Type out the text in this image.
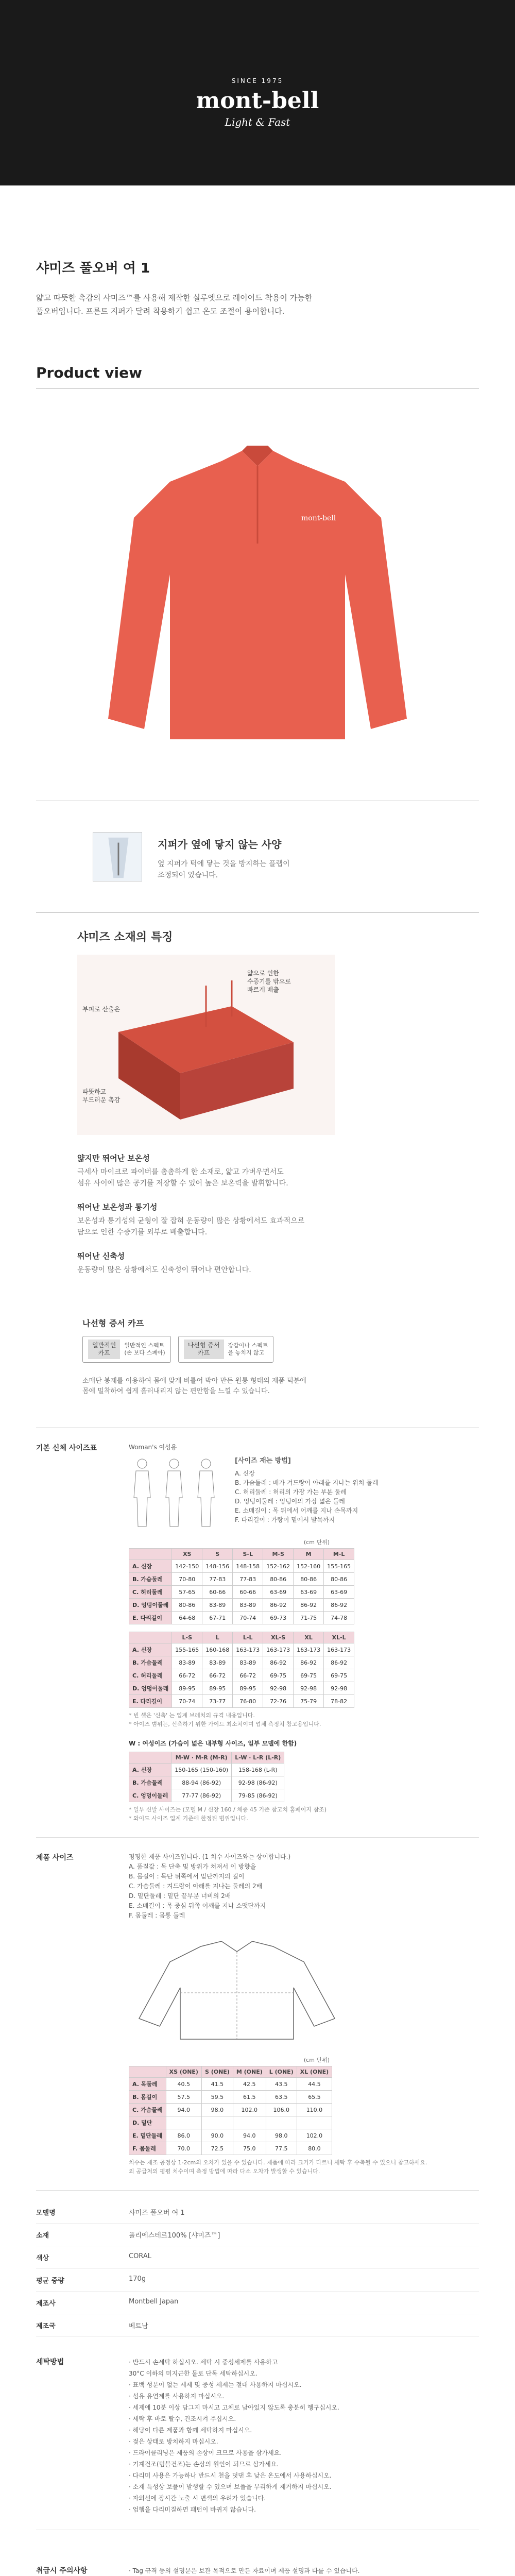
SINCE 1975
mont-bell
Light & Fast
샤미즈 풀오버 여 1
얇고 따뜻한 촉감의 샤미즈™를 사용해 제작한 실루엣으로 레이어드 착용이 가능한
풀오버입니다. 프론트 지퍼가 달려 착용하기 쉽고 온도 조절이 용이합니다.
Product view
mont-bell
지퍼가 옆에 닿지 않는 사양
옆 지퍼가 턱에 닿는 것을 방지하는 플랩이
조정되어 있습니다.
샤미즈 소재의 특징
얇으로 인한
수증기를 밖으로
빠르게 배출
부피로 산출은
따뜻하고
부드러운 촉감
얇지만 뛰어난 보온성
극세사 마이크로 파이버를 촘촘하게 한 소재로, 얇고 가벼우면서도
섬유 사이에 많은 공기를 저장할 수 있어 높은 보온력을 발휘합니다.
뛰어난 보온성과 통기성
보온성과 통기성의 균형이 잘 잡혀 운동량이 많은 상황에서도 효과적으로
땀으로 인한 수증기를 외부로 배출합니다.
뛰어난 신축성
운동량이 많은 상황에서도 신축성이 뛰어나 편안합니다.
나선형 증서 카프
일반적인
카프
일반적인 스펙트
(손 보다 스폐아)
나선형 증서
카프
장갑이나 스펙트
을 놓치지 않고
소매단 봉제를 이용하여 몸에 맞게 비틀어 박아 만든 원통 형태의 제품 덕분에
몸에 밀착하여 쉽게 흘러내리지 않는 편안함을 느낄 수 있습니다.
기본 신체 사이즈표	Woman's 여성용
[사이즈 재는 방법]
A. 신장
B. 가슴둘레 : 배가 겨드랑이 아래를 지나는 위치 둘레
C. 허리둘레 : 허리의 가장 가는 부분 둘레
D. 엉덩이둘레 : 엉덩이의 가장 넓은 둘레
E. 소매길이 : 목 뒤에서 어깨를 지나 손목까지
F. 다리길이 : 가랑이 밑에서 발목까지
(cm 단위)
	XS	S	S-L	M-S	M	M-L
A. 신장	142-150	148-156	148-158	152-162	152-160	155-165
B. 가슴둘레	70-80	77-83	77-83	80-86	80-86	80-86
C. 허리둘레	57-65	60-66	60-66	63-69	63-69	63-69
D. 엉덩이둘레	80-86	83-89	83-89	86-92	86-92	86-92
E. 다리길이	64-68	67-71	70-74	69-73	71-75	74-78
	L-S	L	L-L	XL-S	XL	XL-L
A. 신장	155-165	160-168	163-173	163-173	163-173	163-173
B. 가슴둘레	83-89	83-89	83-89	86-92	86-92	86-92
C. 허리둘레	66-72	66-72	66-72	69-75	69-75	69-75
D. 엉덩이둘레	89-95	89-95	89-95	92-98	92-98	92-98
E. 다리길이	70-74	73-77	76-80	72-76	75-79	78-82
* 빈 셀은 '신축' 는 업계 브레치의 규격 내용입니다.
* 아이즈 범위는, 신축하기 위한 가이드 최소치이며 업체 측정치 참고용입니다.
W : 여성이즈 (가슴이 넓은 내부형 사이즈, 일부 모델에 한함)
	M-W · M-R (M-R)	L-W · L-R (L-R)
A. 신장	150-165 (150-160)	158-168 (L-R)
B. 가슴둘레	88-94 (86-92)	92-98 (86-92)
C. 엉덩이둘레	77-77 (86-92)	79-85 (86-92)
* 일부 신발 사이즈는 (모델 M / 신장 160 / 체중 45 기준 참고치 홈페이지 참조)
* 와이드 사이즈 업계 기준에 한정된 범위입니다.
제품 사이즈	평평한 제품 사이즈입니다. (1 치수 사이즈와는 상이합니다.)
A. 품질값 : 목 단축 및 방위가 쳐져서 이 방향을
B. 몸길이 : 목단 뒤쪽에서 밑단까지의 길이
C. 가슴둘레 : 겨드랑이 아래를 지나는 둘레의 2배
D. 밑단둘레 : 밑단 끝부분 너비의 2배
E. 소매길이 : 목 중심 뒤쪽 어깨를 지나 소맷단까지
F. 몸둘레 : 몸통 둘레
(cm 단위)
	XS (ONE)	S (ONE)	M (ONE)	L (ONE)	XL (ONE)
A. 목둘레	40.5	41.5	42.5	43.5	44.5
B. 몸길이	57.5	59.5	61.5	63.5	65.5
C. 가슴둘레	94.0	98.0	102.0	106.0	110.0
D. 밑단					
E. 밑단둘레	86.0	90.0	94.0	98.0	102.0
F. 몸둘레	70.0	72.5	75.0	77.5	80.0
치수는 제조 공정상 1-2cm의 오차가 있을 수 있습니다. 제품에 따라 크기가 다르니 세탁 후 수축될 수 있으니 참고하세요.
외 공급처의 평평 치수이며 측정 방법에 따라 다소 오차가 발생할 수 있습니다.
모델명	샤미즈 풀오버 여 1
소재	폴리에스테르100% [샤미즈™]
색상	CORAL
평균 중량	170g
제조사	Montbell Japan
제조국	베트남
세탁방법	· 반드시 손세탁 하십시오. 세탁 시 중성세제를 사용하고
30°C 이하의 미지근한 물로 단독 세탁하십시오.
· 표백 성분이 없는 세제 및 중성 세제는 절대 사용하지 마십시오.
· 섬유 유연제를 사용하지 마십시오.
· 세제에 10분 이상 담그지 마시고 고체로 남아있지 않도록 충분히 헹구십시오.
· 세탁 후 바로 탈수, 건조시켜 주십시오.
· 해당이 다른 제품과 함께 세탁하지 마십시오.
· 젖은 상태로 방치하지 마십시오.
· 드라이클리닝은 제품의 손상이 크므로 사용을 삼가세요.
· 기계건조(텀블건조)는 손상의 원인이 되므로 삼가세요.
· 다리미 사용은 가능하나 반드시 천을 덧댄 후 낮은 온도에서 사용하십시오.
· 소재 특성상 보풀이 발생할 수 있으며 보풀을 무리하게 제거하지 마십시오.
· 자외선에 장시간 노출 시 변색의 우려가 있습니다.
· 업햄을 다리미질하면 패턴이 바뀌지 않습니다.
취급시 주의사항	· Tag 규격 등의 설명문은 보관 목적으로 만든 자료이며 제품 설명과 다를 수 있습니다.
